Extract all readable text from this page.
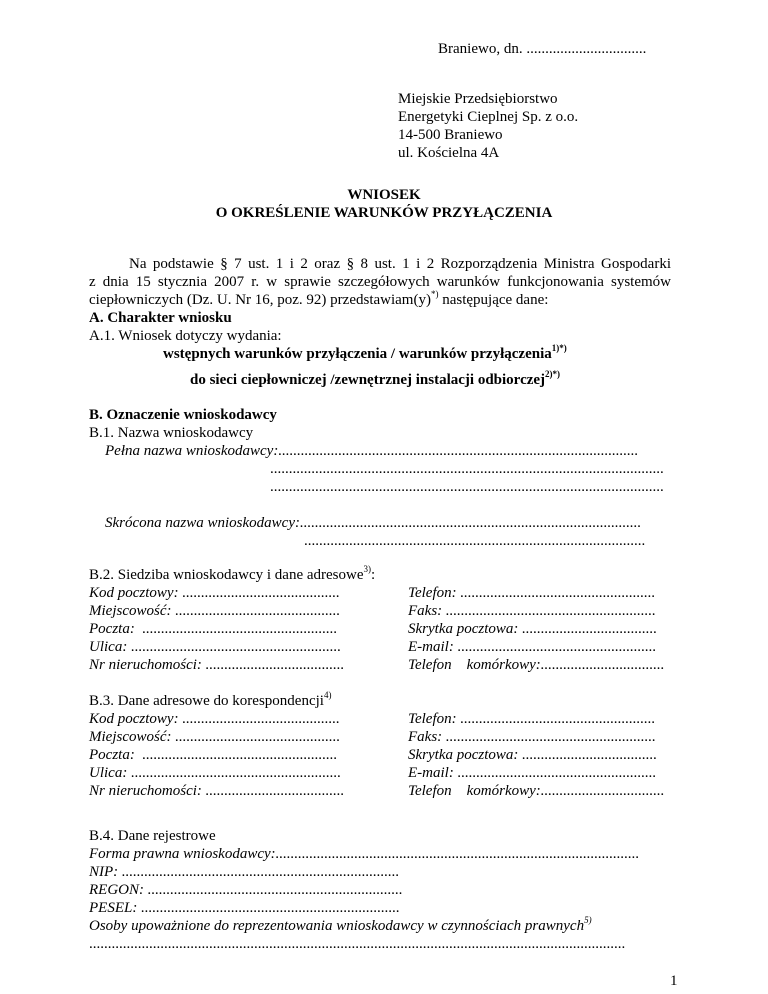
Braniewo, dn. ................................
Miejskie Przedsiębiorstwo
Energetyki Cieplnej Sp. z o.o.
14-500 Braniewo
ul. Kościelna 4A
WNIOSEK
O OKREŚLENIE WARUNKÓW PRZYŁĄCZENIA
Na podstawie § 7 ust. 1 i 2 oraz § 8 ust. 1 i 2 Rozporządzenia Ministra Gospodarki
z dnia 15 stycznia 2007 r. w sprawie szczegółowych warunków funkcjonowania systemów
ciepłowniczych (Dz. U. Nr 16, poz. 92) przedstawiam(y)*) następujące dane:
A. Charakter wniosku
A.1. Wniosek dotyczy wydania:
wstępnych warunków przyłączenia / warunków przyłączenia$^{1)*)}$
do sieci ciepłowniczej /zewnętrznej instalacji odbiorczej$^{2)*)}$
B. Oznaczenie wnioskodawcy
B.1. Nazwa wnioskodawcy
Pełna nazwa wnioskodawcy:................................................................................................
.........................................................................................................
.........................................................................................................
Skrócona nazwa wnioskodawcy:...........................................................................................
...........................................................................................
B.2. Siedziba wnioskodawcy i dane adresowe$^{3)}$:
Kod pocztowy: ..........................................
Miejscowość: ............................................
Poczta:  ....................................................
Ulica: ........................................................
Nr nieruchomości: .....................................
Telefon: ....................................................
Faks: ........................................................
Skrytka pocztowa: ....................................
E-mail: .....................................................
Telefon    komórkowy:.................................
B.3. Dane adresowe do korespondencji$^{4)}$
Kod pocztowy: ..........................................
Miejscowość: ............................................
Poczta:  ....................................................
Ulica: ........................................................
Nr nieruchomości: .....................................
Telefon: ....................................................
Faks: ........................................................
Skrytka pocztowa: ....................................
E-mail: .....................................................
Telefon    komórkowy:.................................
B.4. Dane rejestrowe
Forma prawna wnioskodawcy:.................................................................................................
NIP: ..........................................................................
REGON: ....................................................................
PESEL: .....................................................................
Osoby upoważnione do reprezentowania wnioskodawcy w czynnościach prawnych$^{5)}$
...............................................................................................................................................
1
